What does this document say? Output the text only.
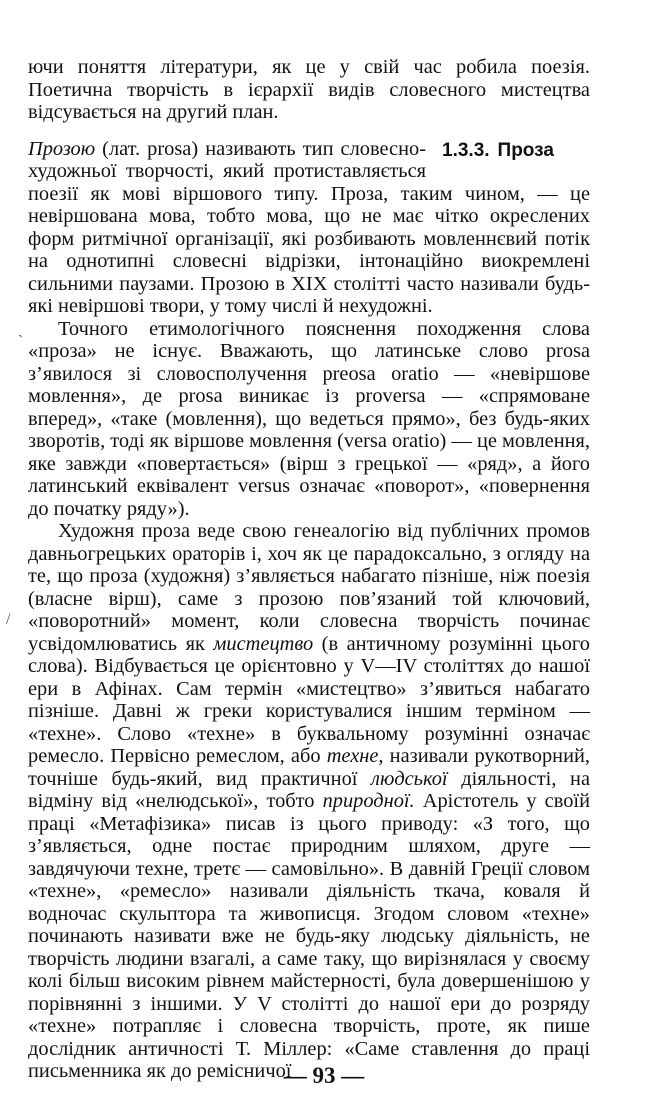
`
/

ючи поняття літератури, як це у свій час робила поезія. Поетична творчість в ієрархії видів словесного мистецтва відсувається на другий план.

1.3.3. Проза

Прозою (лат. prosa) називають тип словесно-художньої творчості, який протиставляється поезії як мові віршового типу. Проза, таким чином, — це невіршована мова, тобто мова, що не має чітко окреслених форм ритмічної організації, які розбивають мовленнєвий потік на однотипні словесні відрізки, інтонаційно виокремлені сильними паузами. Прозою в XIX столітті часто називали будь-які невіршові твори, у тому числі й нехудожні.

Точного етимологічного пояснення походження слова «проза» не існує. Вважають, що латинське слово prosa з’явилося зі словосполучення preosa oratio — «невіршове мовлення», де prosa виникає із proversa — «спрямоване вперед», «таке (мовлення), що ведеться прямо», без будь-яких зворотів, тоді як віршове мовлення (versa oratio) — це мовлення, яке завжди «повертається» (вірш з грецької — «ряд», а його латинський еквівалент versus означає «поворот», «повернення до початку ряду»).

Художня проза веде свою генеалогію від публічних промов давньогрецьких ораторів і, хоч як це парадоксально, з огляду на те, що проза (художня) з’являється набагато пізніше, ніж поезія (власне вірш), саме з прозою пов’язаний той ключовий, «поворотний» момент, коли словесна творчість починає усвідомлюватись як мистецтво (в античному розумінні цього слова). Відбувається це орієнтовно у V—IV століттях до нашої ери в Афінах. Сам термін «мистецтво» з’явиться набагато пізніше. Давні ж греки користувалися іншим терміном — «техне». Слово «техне» в буквальному розумінні означає ремесло. Первісно ремеслом, або техне, називали рукотворний, точніше будь-який, вид практичної людської діяльності, на відміну від «нелюдської», тобто природної. Арістотель у своїй праці «Метафізика» писав із цього приводу: «З того, що з’являється, одне постає природним шляхом, друге — завдячуючи техне, третє — самовільно». В давній Греції словом «техне», «ремесло» називали діяльність ткача, коваля й водночас скульптора та живописця. Згодом словом «техне» починають називати вже не будь-яку людську діяльність, не творчість людини взагалі, а саме таку, що вирізнялася у своєму колі більш високим рівнем майстерності, була довершенішою у порівнянні з іншими. У V столітті до нашої ери до розряду «техне» потрапляє і словесна творчість, проте, як пише дослідник античності Т. Міллер: «Саме ставлення до праці письменника як до ремісничої

— 93 —
